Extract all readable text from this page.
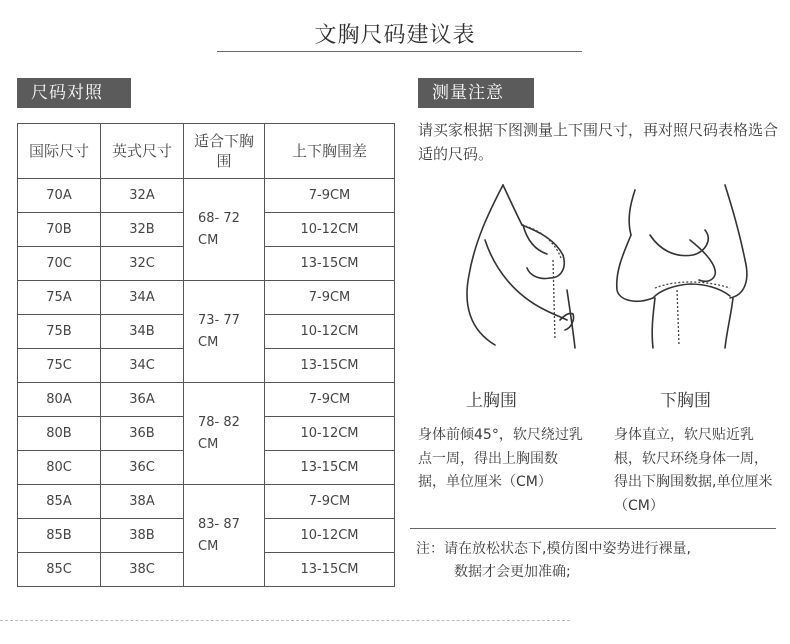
文胸尺码建议表
尺码对照	测量注意
国际尺寸	英式尺寸	适合下胸围	上下胸围差
70A	32A	68- 72 CM	7-9CM
70B	32B		10-12CM
70C	32C		13-15CM
75A	34A	73- 77 CM	7-9CM
75B	34B		10-12CM
75C	34C		13-15CM
80A	36A	78- 82 CM	7-9CM
80B	36B		10-12CM
80C	36C		13-15CM
85A	38A	83- 87 CM	7-9CM
85B	38B		10-12CM
85C	38C		13-15CM
请买家根据下图测量上下围尺寸，再对照尺码表格选合适的尺码。
上胸围	下胸围
身体前倾45°，软尺绕过乳点一周，得出上胸围数据，单位厘米（CM）
身体直立，软尺贴近乳根，软尺环绕身体一周，得出下胸围数据,单位厘米（CM）
注：请在放松状态下,模仿图中姿势进行裸量,
数据才会更加准确;
